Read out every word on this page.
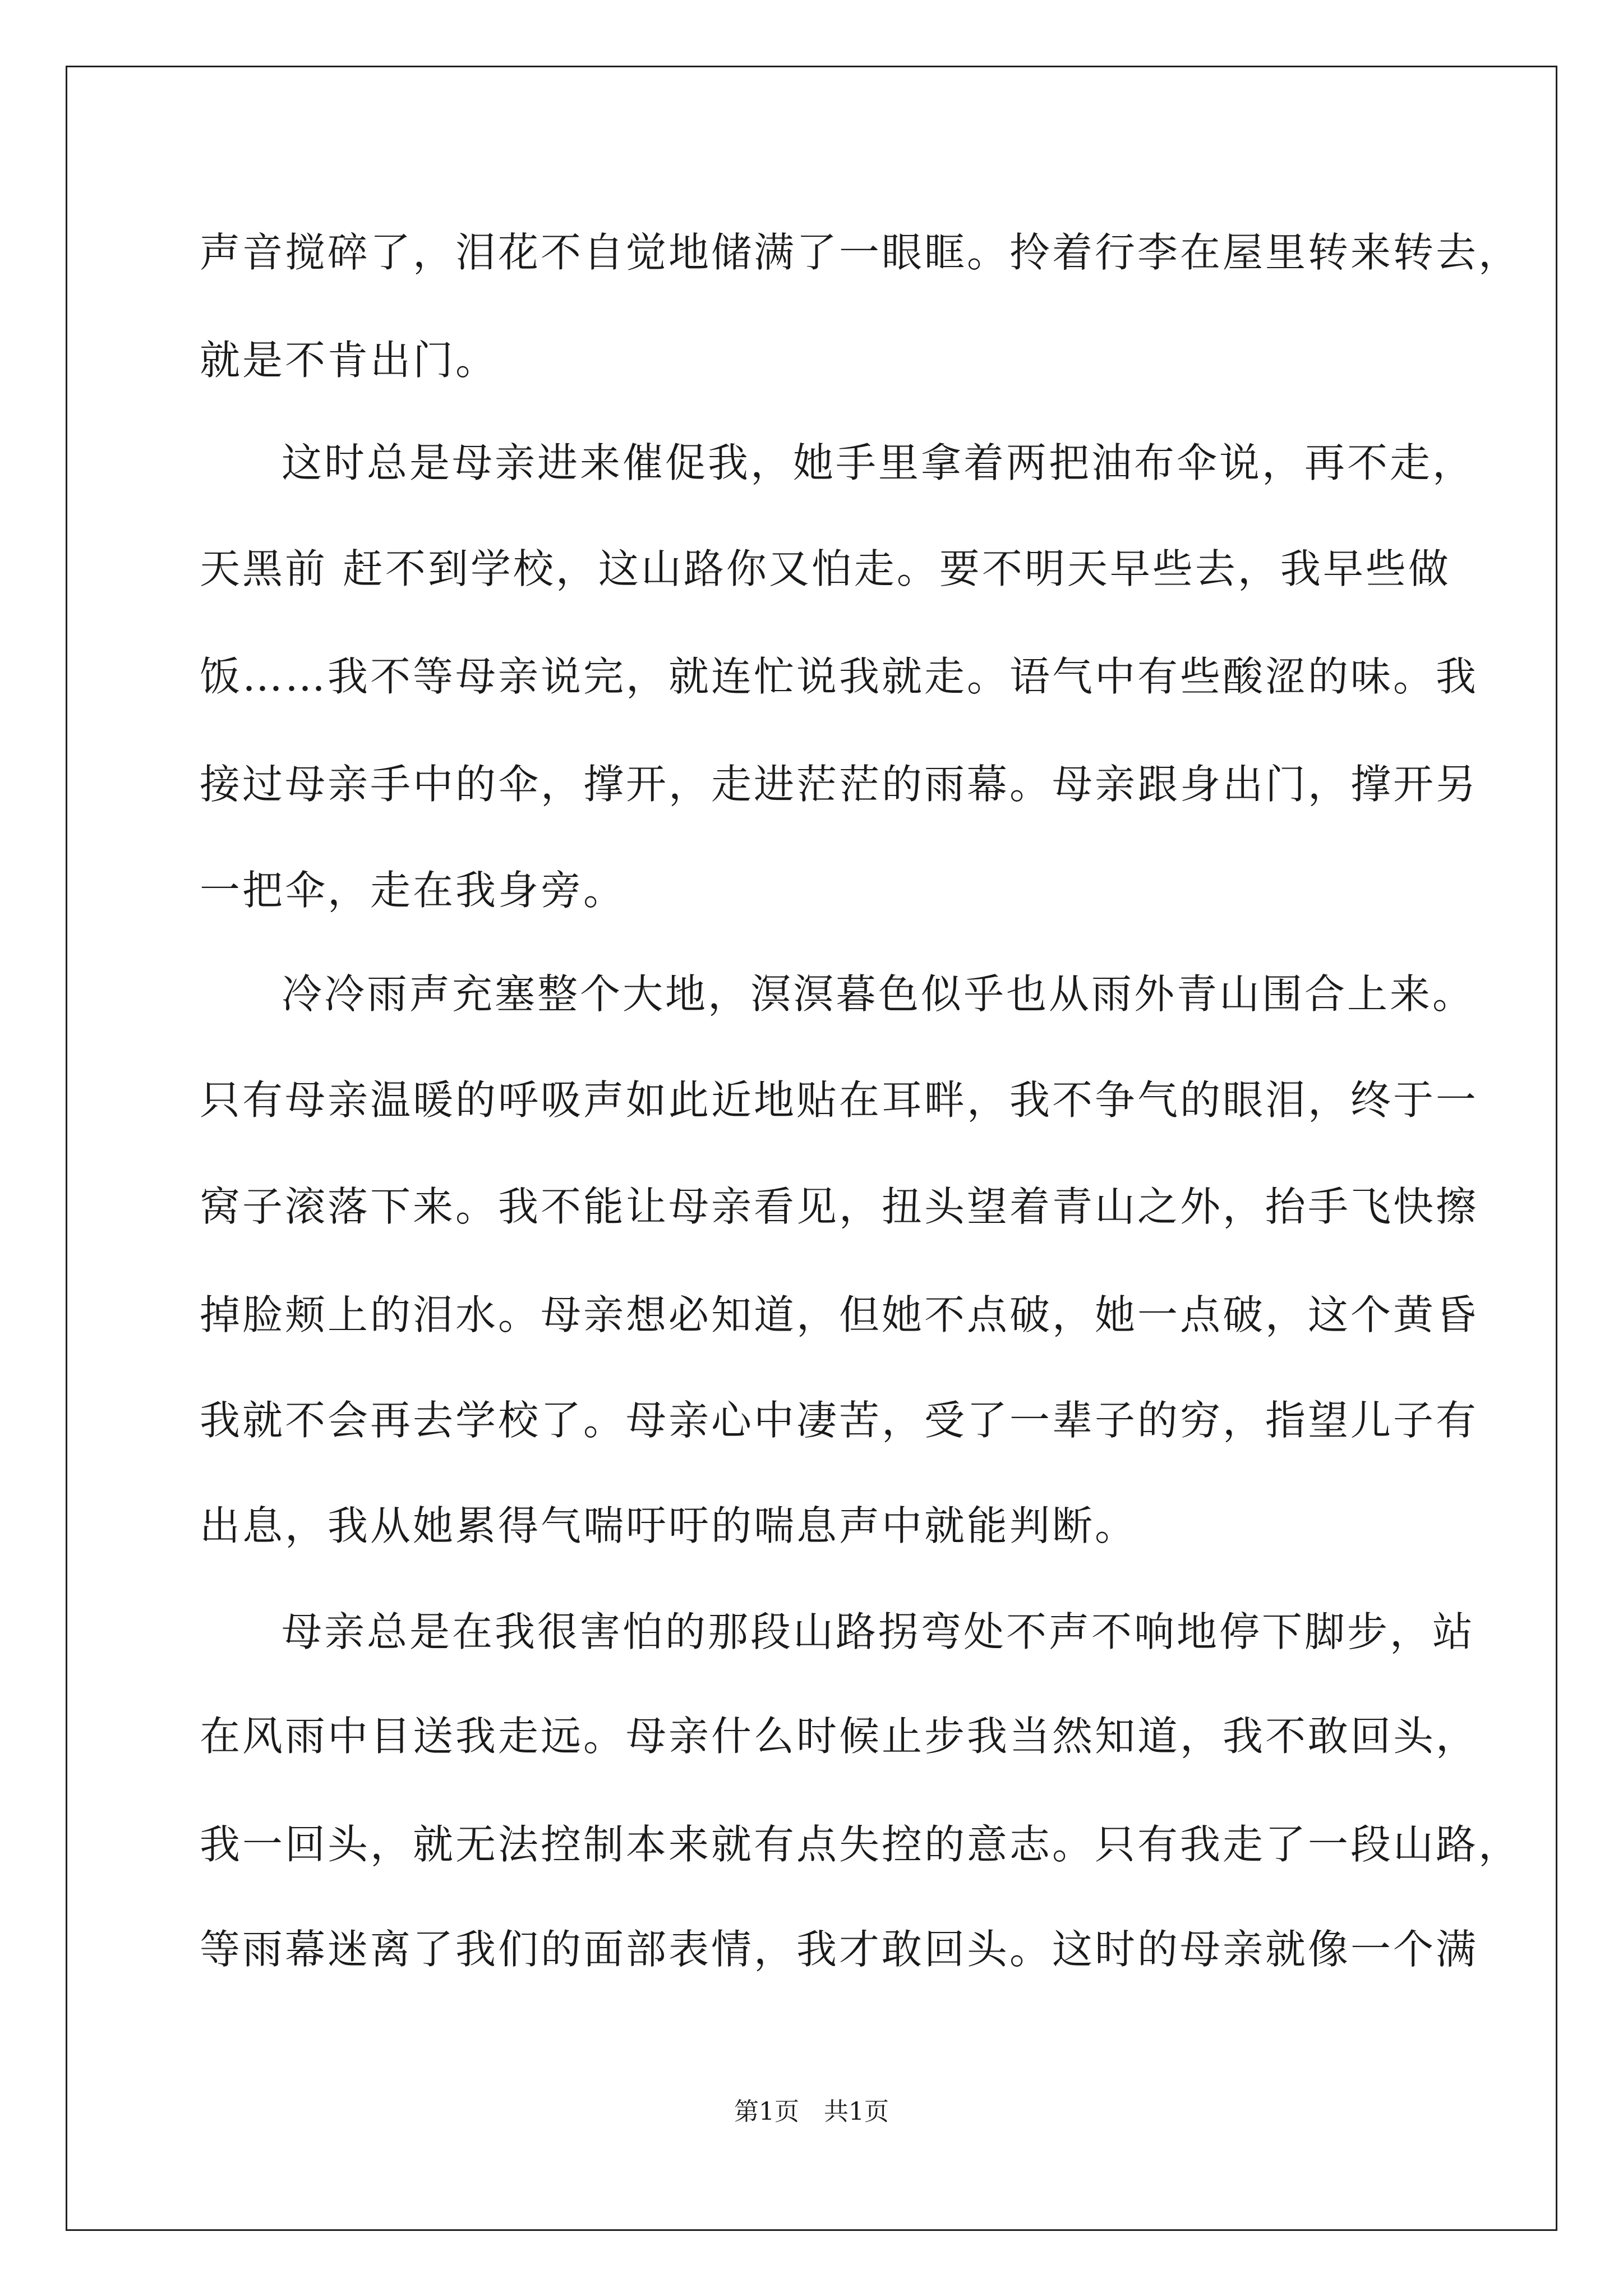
声音搅碎了，泪花不自觉地储满了一眼眶。拎着行李在屋里转来转去，

就是不肯出门。

这时总是母亲进来催促我，她手里拿着两把油布伞说，再不走，

天黑前 赶不到学校，这山路你又怕走。要不明天早些去，我早些做

饭……我不等母亲说完，就连忙说我就走。语气中有些酸涩的味。我

接过母亲手中的伞，撑开，走进茫茫的雨幕。母亲跟身出门，撑开另

一把伞，走在我身旁。

冷冷雨声充塞整个大地，溟溟暮色似乎也从雨外青山围合上来。

只有母亲温暖的呼吸声如此近地贴在耳畔，我不争气的眼泪，终于一

窝子滚落下来。我不能让母亲看见，扭头望着青山之外，抬手飞快擦

掉脸颊上的泪水。母亲想必知道，但她不点破，她一点破，这个黄昏

我就不会再去学校了。母亲心中凄苦，受了一辈子的穷，指望儿子有

出息，我从她累得气喘吁吁的喘息声中就能判断。

母亲总是在我很害怕的那段山路拐弯处不声不响地停下脚步，站

在风雨中目送我走远。母亲什么时候止步我当然知道，我不敢回头，

我一回头，就无法控制本来就有点失控的意志。只有我走了一段山路，

等雨幕迷离了我们的面部表情，我才敢回头。这时的母亲就像一个满

第1页　共1页
